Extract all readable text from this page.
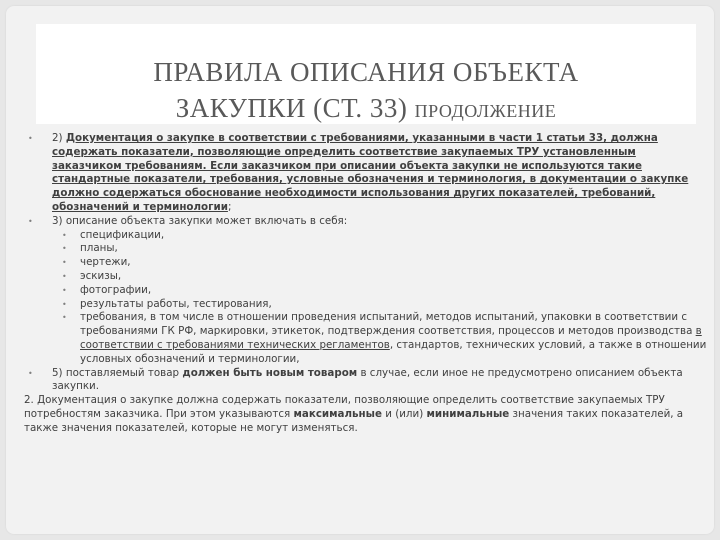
ПРАВИЛА ОПИСАНИЯ ОБЪЕКТА
ЗАКУПКИ (СТ. 33) ПРОДОЛЖЕНИЕ

• 2) Документация о закупке в соответствии с требованиями, указанными в части 1 статьи 33, должна содержать показатели, позволяющие определить соответствие закупаемых ТРУ установленным заказчиком требованиям. Если заказчиком при описании объекта закупки не используются такие стандартные показатели, требования, условные обозначения и терминология, в документации о закупке должно содержаться обоснование необходимости использования других показателей, требований, обозначений и терминологии;

• 3) описание объекта закупки может включать в себя:

• спецификации,

• планы,

• чертежи,

• эскизы,

• фотографии,

• результаты работы, тестирования,

• требования, в том числе в отношении проведения испытаний, методов испытаний, упаковки в соответствии с требованиями ГК РФ, маркировки, этикеток, подтверждения соответствия, процессов и методов производства в соответствии с требованиями технических регламентов, стандартов, технических условий, а также в отношении условных обозначений и терминологии,

• 5) поставляемый товар должен быть новым товаром в случае, если иное не предусмотрено описанием объекта закупки.

2. Документация о закупке должна содержать показатели, позволяющие определить соответствие закупаемых ТРУ потребностям заказчика. При этом указываются максимальные и (или) минимальные значения таких показателей, а также значения показателей, которые не могут изменяться.
